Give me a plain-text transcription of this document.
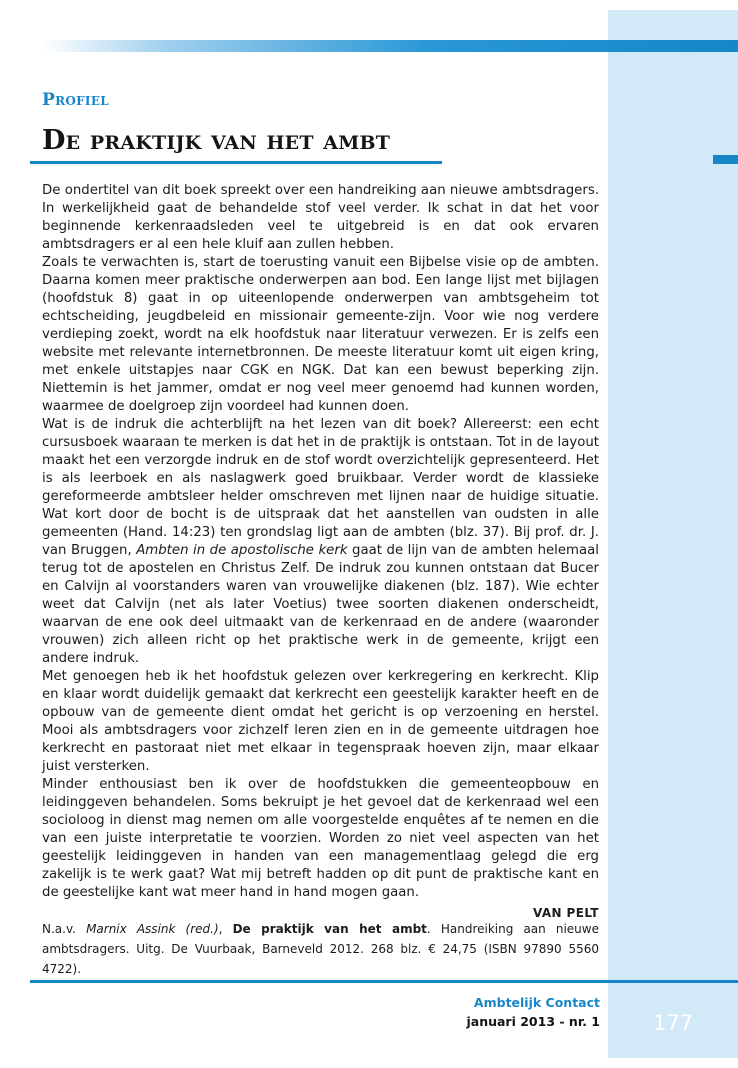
Profiel
De praktijk van het ambt

De ondertitel van dit boek spreekt over een handreiking aan nieuwe ambtsdragers. In werkelijkheid gaat de behandelde stof veel verder. Ik schat in dat het voor beginnende kerkenraadsleden veel te uitgebreid is en dat ook ervaren ambtsdragers er al een hele kluif aan zullen hebben.

Zoals te verwachten is, start de toerusting vanuit een Bijbelse visie op de ambten. Daarna komen meer praktische onderwerpen aan bod. Een lange lijst met bijlagen (hoofdstuk 8) gaat in op uiteenlopende onderwerpen van ambtsgeheim tot echtscheiding, jeugdbeleid en missionair gemeente-zijn. Voor wie nog verdere verdieping zoekt, wordt na elk hoofdstuk naar literatuur verwezen. Er is zelfs een website met relevante internetbronnen. De meeste literatuur komt uit eigen kring, met enkele uitstapjes naar CGK en NGK. Dat kan een bewust beperking zijn. Niettemin is het jammer, omdat er nog veel meer genoemd had kunnen worden, waarmee de doelgroep zijn voordeel had kunnen doen.

Wat is de indruk die achterblijft na het lezen van dit boek? Allereerst: een echt cursusboek waaraan te merken is dat het in de praktijk is ontstaan. Tot in de layout maakt het een verzorgde indruk en de stof wordt overzichtelijk gepresenteerd. Het is als leerboek en als naslagwerk goed bruikbaar. Verder wordt de klassieke gereformeerde ambtsleer helder omschreven met lijnen naar de huidige situatie. Wat kort door de bocht is de uitspraak dat het aanstellen van oudsten in alle gemeenten (Hand. 14:23) ten grondslag ligt aan de ambten (blz. 37). Bij prof. dr. J. van Bruggen, Ambten in de apostolische kerk gaat de lijn van de ambten helemaal terug tot de apostelen en Christus Zelf. De indruk zou kunnen ontstaan dat Bucer en Calvijn al voorstanders waren van vrouwelijke diakenen (blz. 187). Wie echter weet dat Calvijn (net als later Voetius) twee soorten diakenen onderscheidt, waarvan de ene ook deel uitmaakt van de kerkenraad en de andere (waaronder vrouwen) zich alleen richt op het praktische werk in de gemeente, krijgt een andere indruk.

Met genoegen heb ik het hoofdstuk gelezen over kerkregering en kerkrecht. Klip en klaar wordt duidelijk gemaakt dat kerkrecht een geestelijk karakter heeft en de opbouw van de gemeente dient omdat het gericht is op verzoening en herstel. Mooi als ambtsdragers voor zichzelf leren zien en in de gemeente uitdragen hoe kerkrecht en pastoraat niet met elkaar in tegenspraak hoeven zijn, maar elkaar juist versterken.

Minder enthousiast ben ik over de hoofdstukken die gemeenteopbouw en leidinggeven behandelen. Soms bekruipt je het gevoel dat de kerkenraad wel een socioloog in dienst mag nemen om alle voorgestelde enquêtes af te nemen en die van een juiste interpretatie te voorzien. Worden zo niet veel aspecten van het geestelijk leidinggeven in handen van een managementlaag gelegd die erg zakelijk is te werk gaat? Wat mij betreft hadden op dit punt de praktische kant en de geestelijke kant wat meer hand in hand mogen gaan.

VAN PELT

N.a.v. Marnix Assink (red.), De praktijk van het ambt. Handreiking aan nieuwe ambtsdragers. Uitg. De Vuurbaak, Barneveld 2012. 268 blz. € 24,75 (ISBN 97890 5560 4722).

Ambtelijk Contact

januari 2013 - nr. 1	177
